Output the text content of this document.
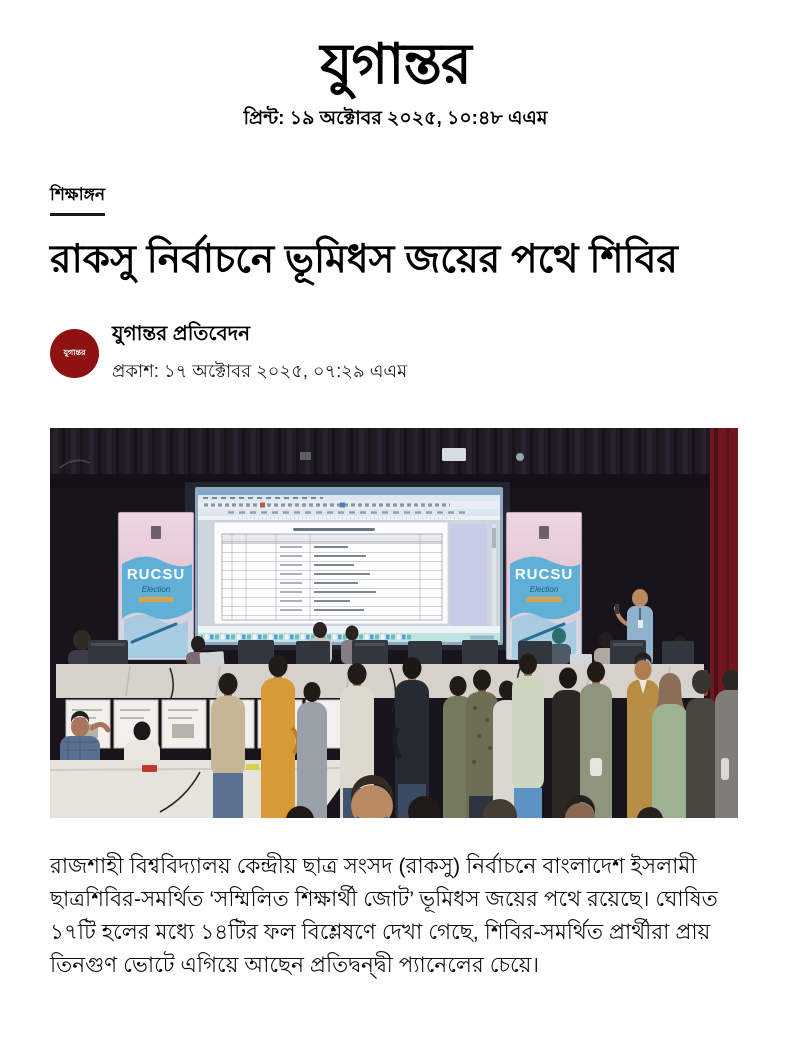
যুগান্তর
প্রিন্ট: ১৯ অক্টোবর ২০২৫, ১০:৪৮ এএম
শিক্ষাঙ্গন
রাকসু নির্বাচনে ভূমিধস জয়ের পথে শিবির
যুগান্তর
যুগান্তর প্রতিবেদন
প্রকাশ: ১৭ অক্টোবর ২০২৫, ০৭:২৯ এএম
RUCSU
Election
RUCSU
Election

রাজশাহী বিশ্ববিদ্যালয় কেন্দ্রীয় ছাত্র সংসদ (রাকসু) নির্বাচনে বাংলাদেশ ইসলামী ছাত্রশিবির-সমর্থিত ‘সম্মিলিত শিক্ষার্থী জোট’ ভূমিধস জয়ের পথে রয়েছে। ঘোষিত ১৭টি হলের মধ্যে ১৪টির ফল বিশ্লেষণে দেখা গেছে, শিবির-সমর্থিত প্রার্থীরা প্রায় তিনগুণ ভোটে এগিয়ে আছেন প্রতিদ্বন্দ্বী প্যানেলের চেয়ে।
